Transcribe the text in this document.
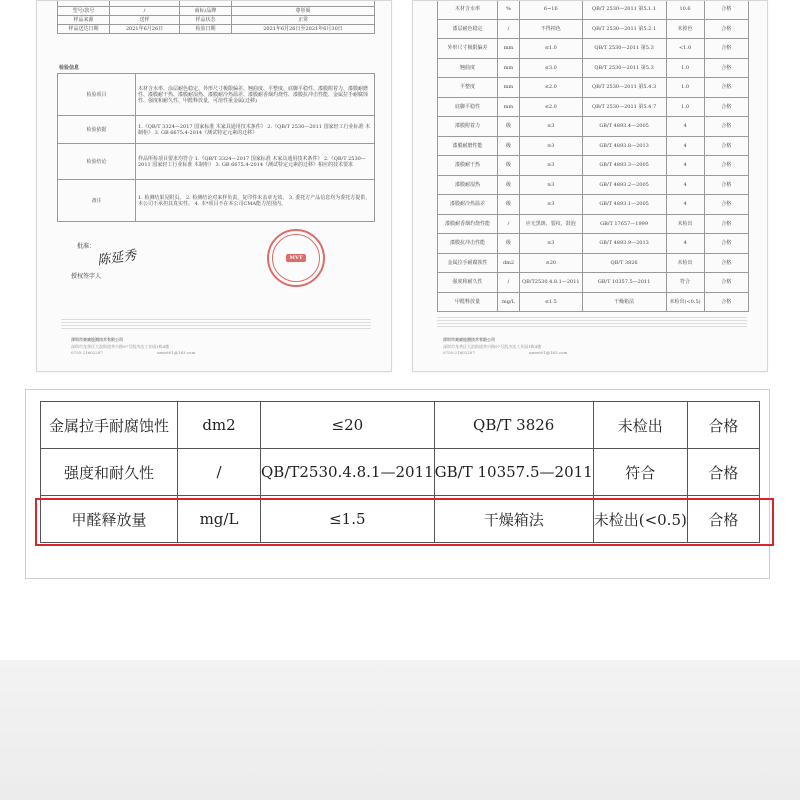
型号/款号	/	商标/品牌	尊彤阁
样品来源	送样	样品状态	正常
样品送达日期	2021年6月26日	检验日期	2021年6月26日至2021年6月30日
检验信息
检验项目	木材含水率、涂层耐色稳定、外形尺寸极限偏差、翘曲度、平整度、底脚平稳性、漆膜附着力、漆膜耐磨性、漆膜耐干热、漆膜耐湿热、漆膜耐冷热温差、漆膜耐香烟灼烧性、漆膜抗冲击性能、金属拉手耐腐蚀性、强度和耐久性、甲醛释放量，可溶性重金属(迁移)
检验依据	1.《QB/T 3324—2017 国家标准 木家具通用技术条件》 2.《QB/T 2530—2011 国家轻工行业标准 木制柜》 3. GB 6675.4-2014《测试特定元素的迁移》
检验结论	样品所检项目要求均符合 1.《QB/T 3324—2017 国家标准 木家具通用技术条件》 2.《QB/T 2530—2011 国家轻工行业标准 木制柜》 3. GB 6675.4-2014《测试特定元素的迁移》相应的技术要求
备注	1. 检测结果见附页。 2. 检测结论对来样负责，复印件未盖章无效。 3. 委托方产品信息均为委托方提供，本公司不承担其真实性。 4. 本*项目不在本公司CMA能力范围内。
批准：
陈延秀
授权签字人
MVT
深圳市麦威检测技术有限公司
深圳市龙华区大浪街道华兴路97号凯杰达工业园1栋4楼
0755-21602207	szmvt01@163.com
木材含水率	%	6~16	QB/T 2530—2011 第5.1.1	10.6	合格
漆层耐色稳定	/	不得掉色	QB/T 2530—2011 第5.2.1	未掉色	合格
外形尺寸极限偏差	mm	≤1.0	QB/T 2530—2011 第5.3	<1.0	合格
翘曲度	mm	≤3.0	QB/T 2530—2011 第5.3	1.0	合格
平整度	mm	≤2.0	QB/T 2530—2011 第5.4.3	1.0	合格
底脚平稳性	mm	≤2.0	QB/T 2530—2011 第5.4.7	1.0	合格
漆膜附着力	级	≥3	GB/T 4893.4—2005	4	合格
漆膜耐磨性能	级	≥3	GB/T 4893.8—2013	4	合格
漆膜耐干热	级	≥3	GB/T 4893.3—2005	4	合格
漆膜耐湿热	级	≥3	GB/T 4893.2—2005	4	合格
漆膜耐冷热温差	级	≥3	GB/T 4893.1—2005	4	合格
漆膜耐香烟灼烧性能	/	应无黑斑、裂纹、鼓泡	GB/T 17657—1999	未检出	合格
漆膜抗冲击性能	级	≥3	GB/T 4893.9—2013	4	合格
金属拉手耐腐蚀性	dm2	≤20	QB/T 3826	未检出	合格
强度和耐久性	/	QB/T2530.4.8.1—2011	GB/T 10357.5—2011	符合	合格
甲醛释放量	mg/L	≤1.5	干燥箱法	未检出(<0.5)	合格
深圳市麦威检测技术有限公司
深圳市龙华区大浪街道华兴路97号凯杰达工业园1栋4楼
0755-21602207	szmvt01@163.com
金属拉手耐腐蚀性	dm2	≤20	QB/T 3826	未检出	合格
强度和耐久性	/	QB/T2530.4.8.1—2011	GB/T 10357.5—2011	符合	合格
甲醛释放量	mg/L	≤1.5	干燥箱法	未检出(<0.5)	合格
